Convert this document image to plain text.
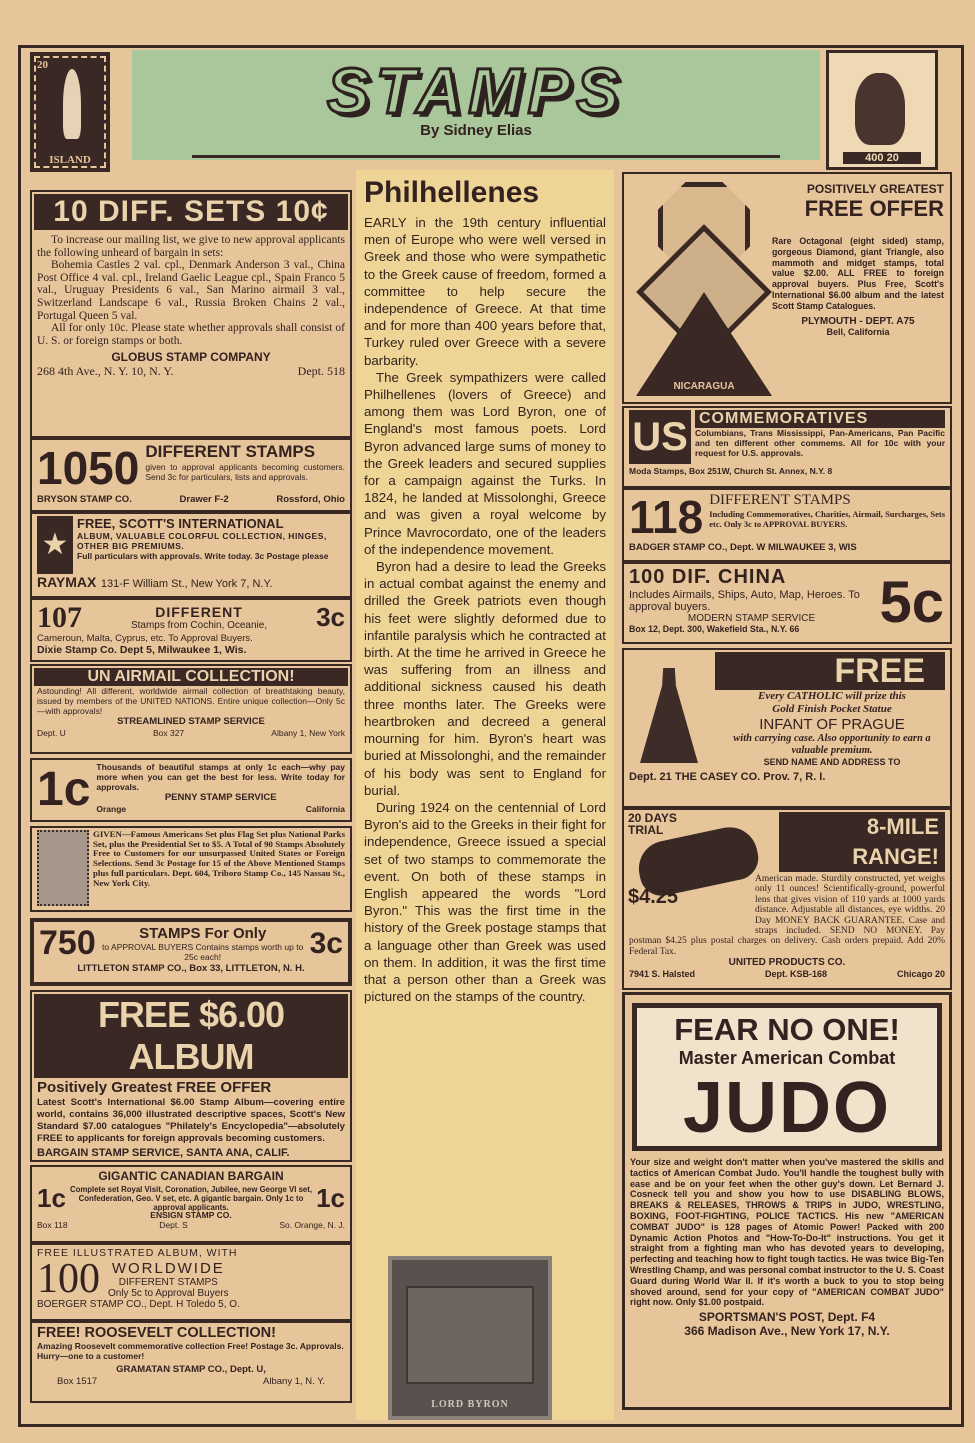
20
ISLAND
STAMPS
By Sidney Elias
400 20
Philhellenes

EARLY in the 19th century influential men of Europe who were well versed in Greek and those who were sympathetic to the Greek cause of freedom, formed a committee to help secure the independence of Greece. At that time and for more than 400 years before that, Turkey ruled over Greece with a severe barbarity.

The Greek sympathizers were called Philhellenes (lovers of Greece) and among them was Lord Byron, one of England's most famous poets. Lord Byron advanced large sums of money to the Greek leaders and secured supplies for a campaign against the Turks. In 1824, he landed at Missolonghi, Greece and was given a royal welcome by Prince Mavrocordato, one of the leaders of the independence movement.

Byron had a desire to lead the Greeks in actual combat against the enemy and drilled the Greek patriots even though his feet were slightly deformed due to infantile paralysis which he contracted at birth. At the time he arrived in Greece he was suffering from an illness and additional sickness caused his death three months later. The Greeks were heartbroken and decreed a general mourning for him. Byron's heart was buried at Missolonghi, and the remainder of his body was sent to England for burial.

During 1924 on the centennial of Lord Byron's aid to the Greeks in their fight for independence, Greece issued a special set of two stamps to commemorate the event. On both of these stamps in English appeared the words "Lord Byron." This was the first time in the history of the Greek postage stamps that a language other than Greek was used on them. In addition, it was the first time that a person other than a Greek was pictured on the stamps of the country.

LORD BYRON
10 DIFF. SETS 10¢
To increase our mailing list, we give to new approval applicants the following unheard of bargain in sets:
Bohemia Castles 2 val. cpl., Denmark Anderson 3 val., China Post Office 4 val. cpl., Ireland Gaelic League cpl., Spain Franco 5 val., Uruguay Presidents 6 val., San Marino airmail 3 val., Switzerland Landscape 6 val., Russia Broken Chains 2 val., Portugal Queen 5 val.
All for only 10c. Please state whether approvals shall consist of U. S. or foreign stamps or both.
GLOBUS STAMP COMPANY
268 4th Ave., N. Y. 10, N. Y.	Dept. 518
1050 DIFFERENT STAMPS
given to approval applicants becoming customers. Send 3c for particulars, lists and approvals.
BRYSON STAMP CO.	Drawer F-2	Rossford, Ohio
★
FREE, SCOTT'S INTERNATIONAL
ALBUM, VALUABLE COLORFUL COLLECTION, HINGES, OTHER BIG PREMIUMS.
Full particulars with approvals. Write today. 3c Postage please
RAYMAX 131-F William St., New York 7, N.Y.
107	DIFFERENT
Stamps from Cochin, Oceanie, 3c
Cameroun, Malta, Cyprus, etc. To Approval Buyers.
Dixie Stamp Co. Dept 5, Milwaukee 1, Wis.
UN AIRMAIL COLLECTION!
Astounding! All different, worldwide airmail collection of breathtaking beauty, issued by members of the UNITED NATIONS. Entire unique collection—Only 5c—with approvals!
STREAMLINED STAMP SERVICE
Dept. U	Box 327	Albany 1, New York
1c Thousands of beautiful stamps at only 1c each—why pay more when you can get the best for less. Write today for approvals.
PENNY STAMP SERVICE
Orange	California
GIVEN—Famous Americans Set plus Flag Set plus National Parks Set, plus the Presidential Set to $5. A Total of 90 Stamps Absolutely Free to Customers for our unsurpassed United States or Foreign Selections. Send 3c Postage for 15 of the Above Mentioned Stamps plus full particulars. Dept. 604, Triboro Stamp Co., 145 Nassau St., New York City.
750	STAMPS For Only
to APPROVAL BUYERS Contains stamps worth up to 25c each!	3c
LITTLETON STAMP CO., Box 33, LITTLETON, N. H.
FREE $6.00 ALBUM
Positively Greatest FREE OFFER
Latest Scott's International $6.00 Stamp Album—covering entire world, contains 36,000 illustrated descriptive spaces, Scott's New Standard $7.00 catalogues "Philately's Encyclopedia"—absolutely FREE to applicants for foreign approvals becoming customers.
BARGAIN STAMP SERVICE, SANTA ANA, CALIF.
GIGANTIC CANADIAN BARGAIN
1c Complete set Royal Visit, Coronation, Jubilee, new George VI set, Confederation, Geo. V set, etc. A gigantic bargain. Only 1c to approval applicants.	1c
ENSIGN STAMP CO.
Box 118	Dept. S	So. Orange, N. J.
FREE ILLUSTRATED ALBUM, WITH
100 WORLDWIDE
DIFFERENT STAMPS
Only 5c to Approval Buyers
BOERGER STAMP CO., Dept. H Toledo 5, O.
FREE! ROOSEVELT COLLECTION!
Amazing Roosevelt commemorative collection Free! Postage 3c. Approvals. Hurry—one to a customer!
GRAMATAN STAMP CO., Dept. U,
Box 1517	Albany 1, N. Y.
NICARAGUA
POSITIVELY GREATEST
FREE OFFER
Rare Octagonal (eight sided) stamp, gorgeous Diamond, giant Triangle, also mammoth and midget stamps, total value $2.00. ALL FREE to foreign approval buyers. Plus Free, Scott's International $6.00 album and the latest Scott Stamp Catalogues.
PLYMOUTH - DEPT. A75
Bell, California
US COMMEMORATIVES
Columbians, Trans Mississippi, Pan-Americans, Pan Pacific and ten different other commems. All for 10c with your request for U.S. approvals.
Moda Stamps, Box 251W, Church St. Annex, N.Y. 8
118 DIFFERENT STAMPS
Including Commemoratives, Charities, Airmail, Surcharges, Sets etc. Only 3c to APPROVAL BUYERS.
BADGER STAMP CO., Dept. W MILWAUKEE 3, WIS
100 DIF. CHINA
Includes Airmails, Ships, Auto, Map, Heroes. To approval buyers.
MODERN STAMP SERVICE
Box 12, Dept. 300, Wakefield Sta., N.Y. 66	5c
FREE
Every CATHOLIC will prize this
Gold Finish Pocket Statue
INFANT OF PRAGUE
with carrying case. Also opportunity to earn a valuable premium.
SEND NAME AND ADDRESS TO
Dept. 21 THE CASEY CO. Prov. 7, R. I.
20 DAYS TRIAL
$4.25
8-MILE RANGE!
American made. Sturdily constructed, yet weighs only 11 ounces! Scientifically-ground, powerful lens that gives vision of 110 yards at 1000 yards distance. Adjustable all distances, eye widths. 20 Day MONEY BACK GUARANTEE. Case and straps included. SEND NO MONEY. Pay postman $4.25 plus postal charges on delivery. Cash orders prepaid. Add 20% Federal Tax.
UNITED PRODUCTS CO.
7941 S. Halsted	Dept. KSB-168	Chicago 20
FEAR NO ONE!
Master American Combat
JUDO
Your size and weight don't matter when you've mastered the skills and tactics of American Combat Judo. You'll handle the toughest bully with ease and be on your feet when the other guy's down. Let Bernard J. Cosneck tell you and show you how to use DISABLING BLOWS, BREAKS & RELEASES, THROWS & TRIPS in JUDO, WRESTLING, BOXING, FOOT-FIGHTING, POLICE TACTICS. His new "AMERICAN COMBAT JUDO" is 128 pages of Atomic Power! Packed with 200 Dynamic Action Photos and "How-To-Do-It" instructions. You get it straight from a fighting man who has devoted years to developing, perfecting and teaching how to fight tough tactics. He was twice Big-Ten Wrestling Champ, and was personal combat instructor to the U. S. Coast Guard during World War II. If it's worth a buck to you to stop being shoved around, send for your copy of "AMERICAN COMBAT JUDO" right now. Only $1.00 postpaid.
SPORTSMAN'S POST, Dept. F4
366 Madison Ave., New York 17, N.Y.
